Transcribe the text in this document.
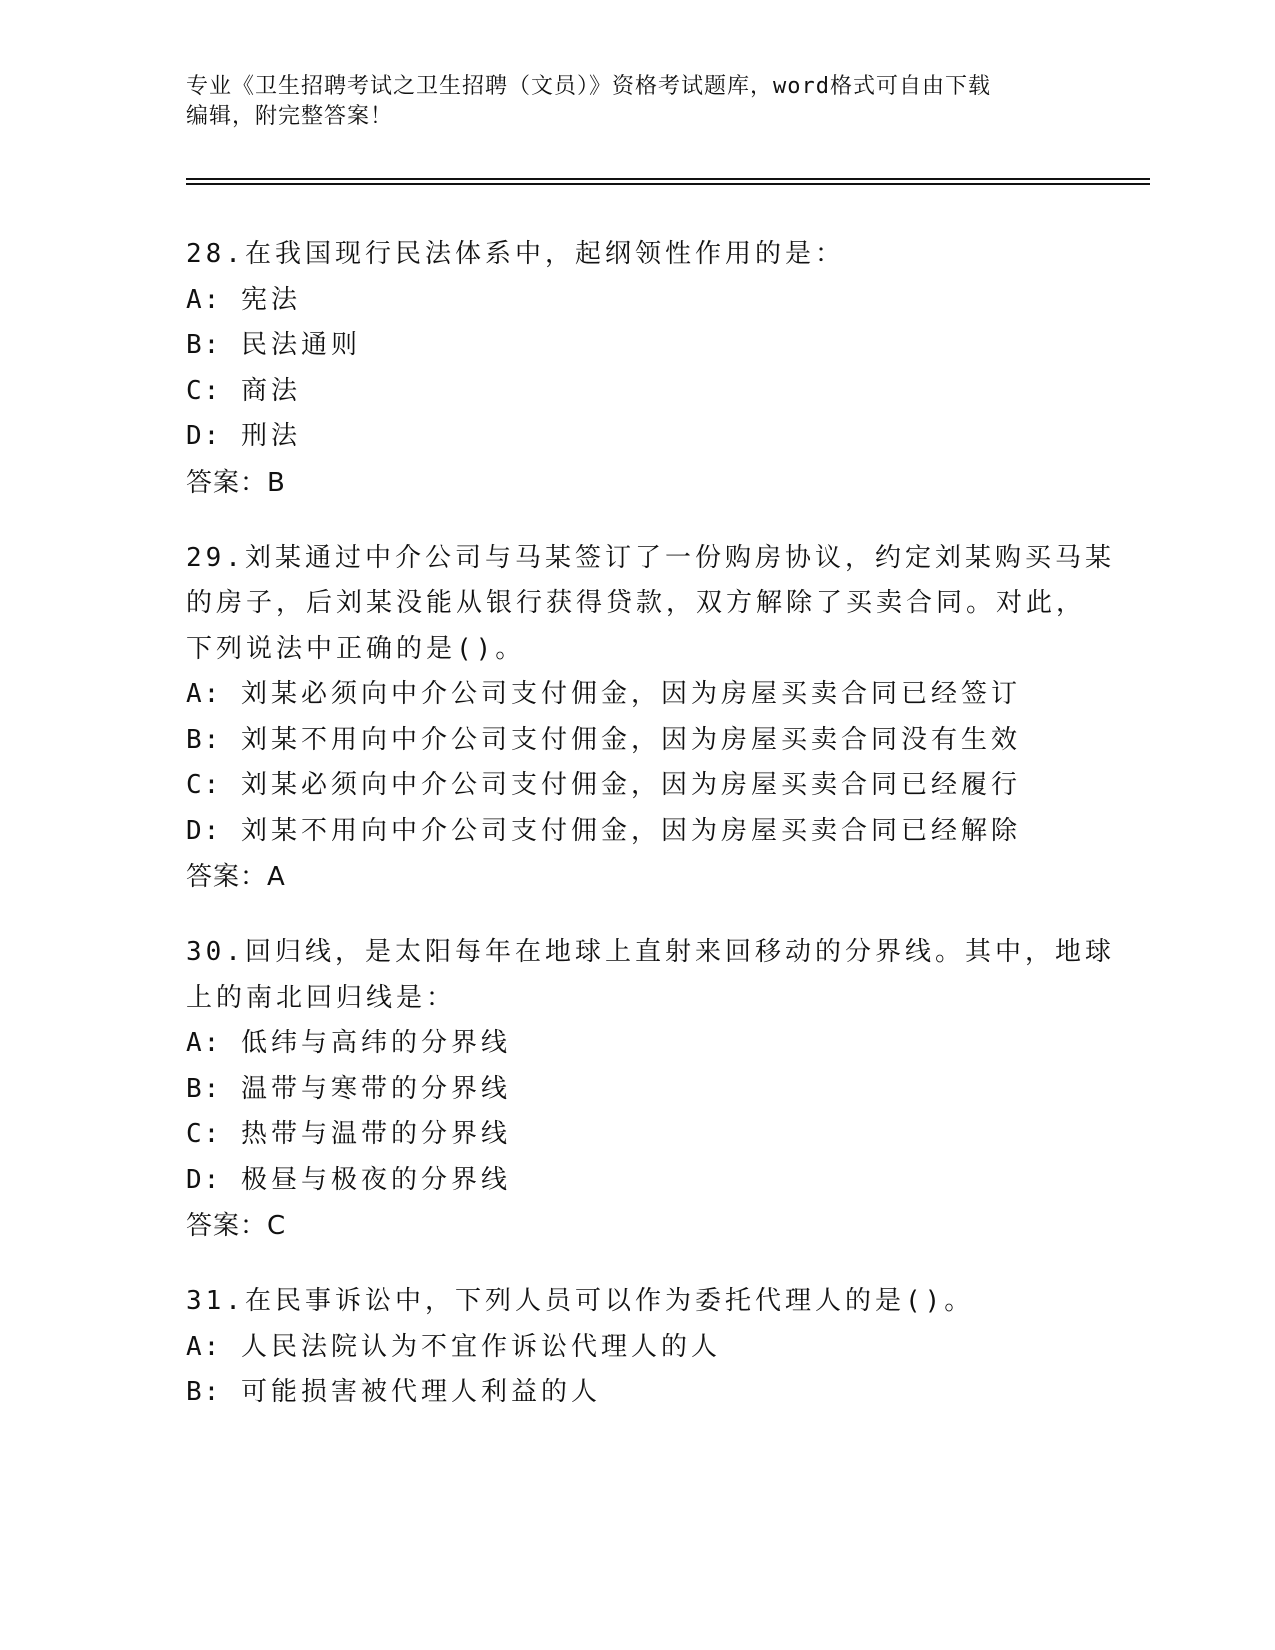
专业《卫生招聘考试之卫生招聘（文员）》资格考试题库，word格式可自由下载
编辑，附完整答案！
28.在我国现行民法体系中，起纲领性作用的是：
A: 宪法
B: 民法通则
C: 商法
D: 刑法
答案：B
29.刘某通过中介公司与马某签订了一份购房协议，约定刘某购买马某
的房子，后刘某没能从银行获得贷款，双方解除了买卖合同。对此，
下列说法中正确的是()。
A: 刘某必须向中介公司支付佣金，因为房屋买卖合同已经签订
B: 刘某不用向中介公司支付佣金，因为房屋买卖合同没有生效
C: 刘某必须向中介公司支付佣金，因为房屋买卖合同已经履行
D: 刘某不用向中介公司支付佣金，因为房屋买卖合同已经解除
答案：A
30.回归线，是太阳每年在地球上直射来回移动的分界线。其中，地球
上的南北回归线是：
A: 低纬与高纬的分界线
B: 温带与寒带的分界线
C: 热带与温带的分界线
D: 极昼与极夜的分界线
答案：C
31.在民事诉讼中，下列人员可以作为委托代理人的是()。
A: 人民法院认为不宜作诉讼代理人的人
B: 可能损害被代理人利益的人
